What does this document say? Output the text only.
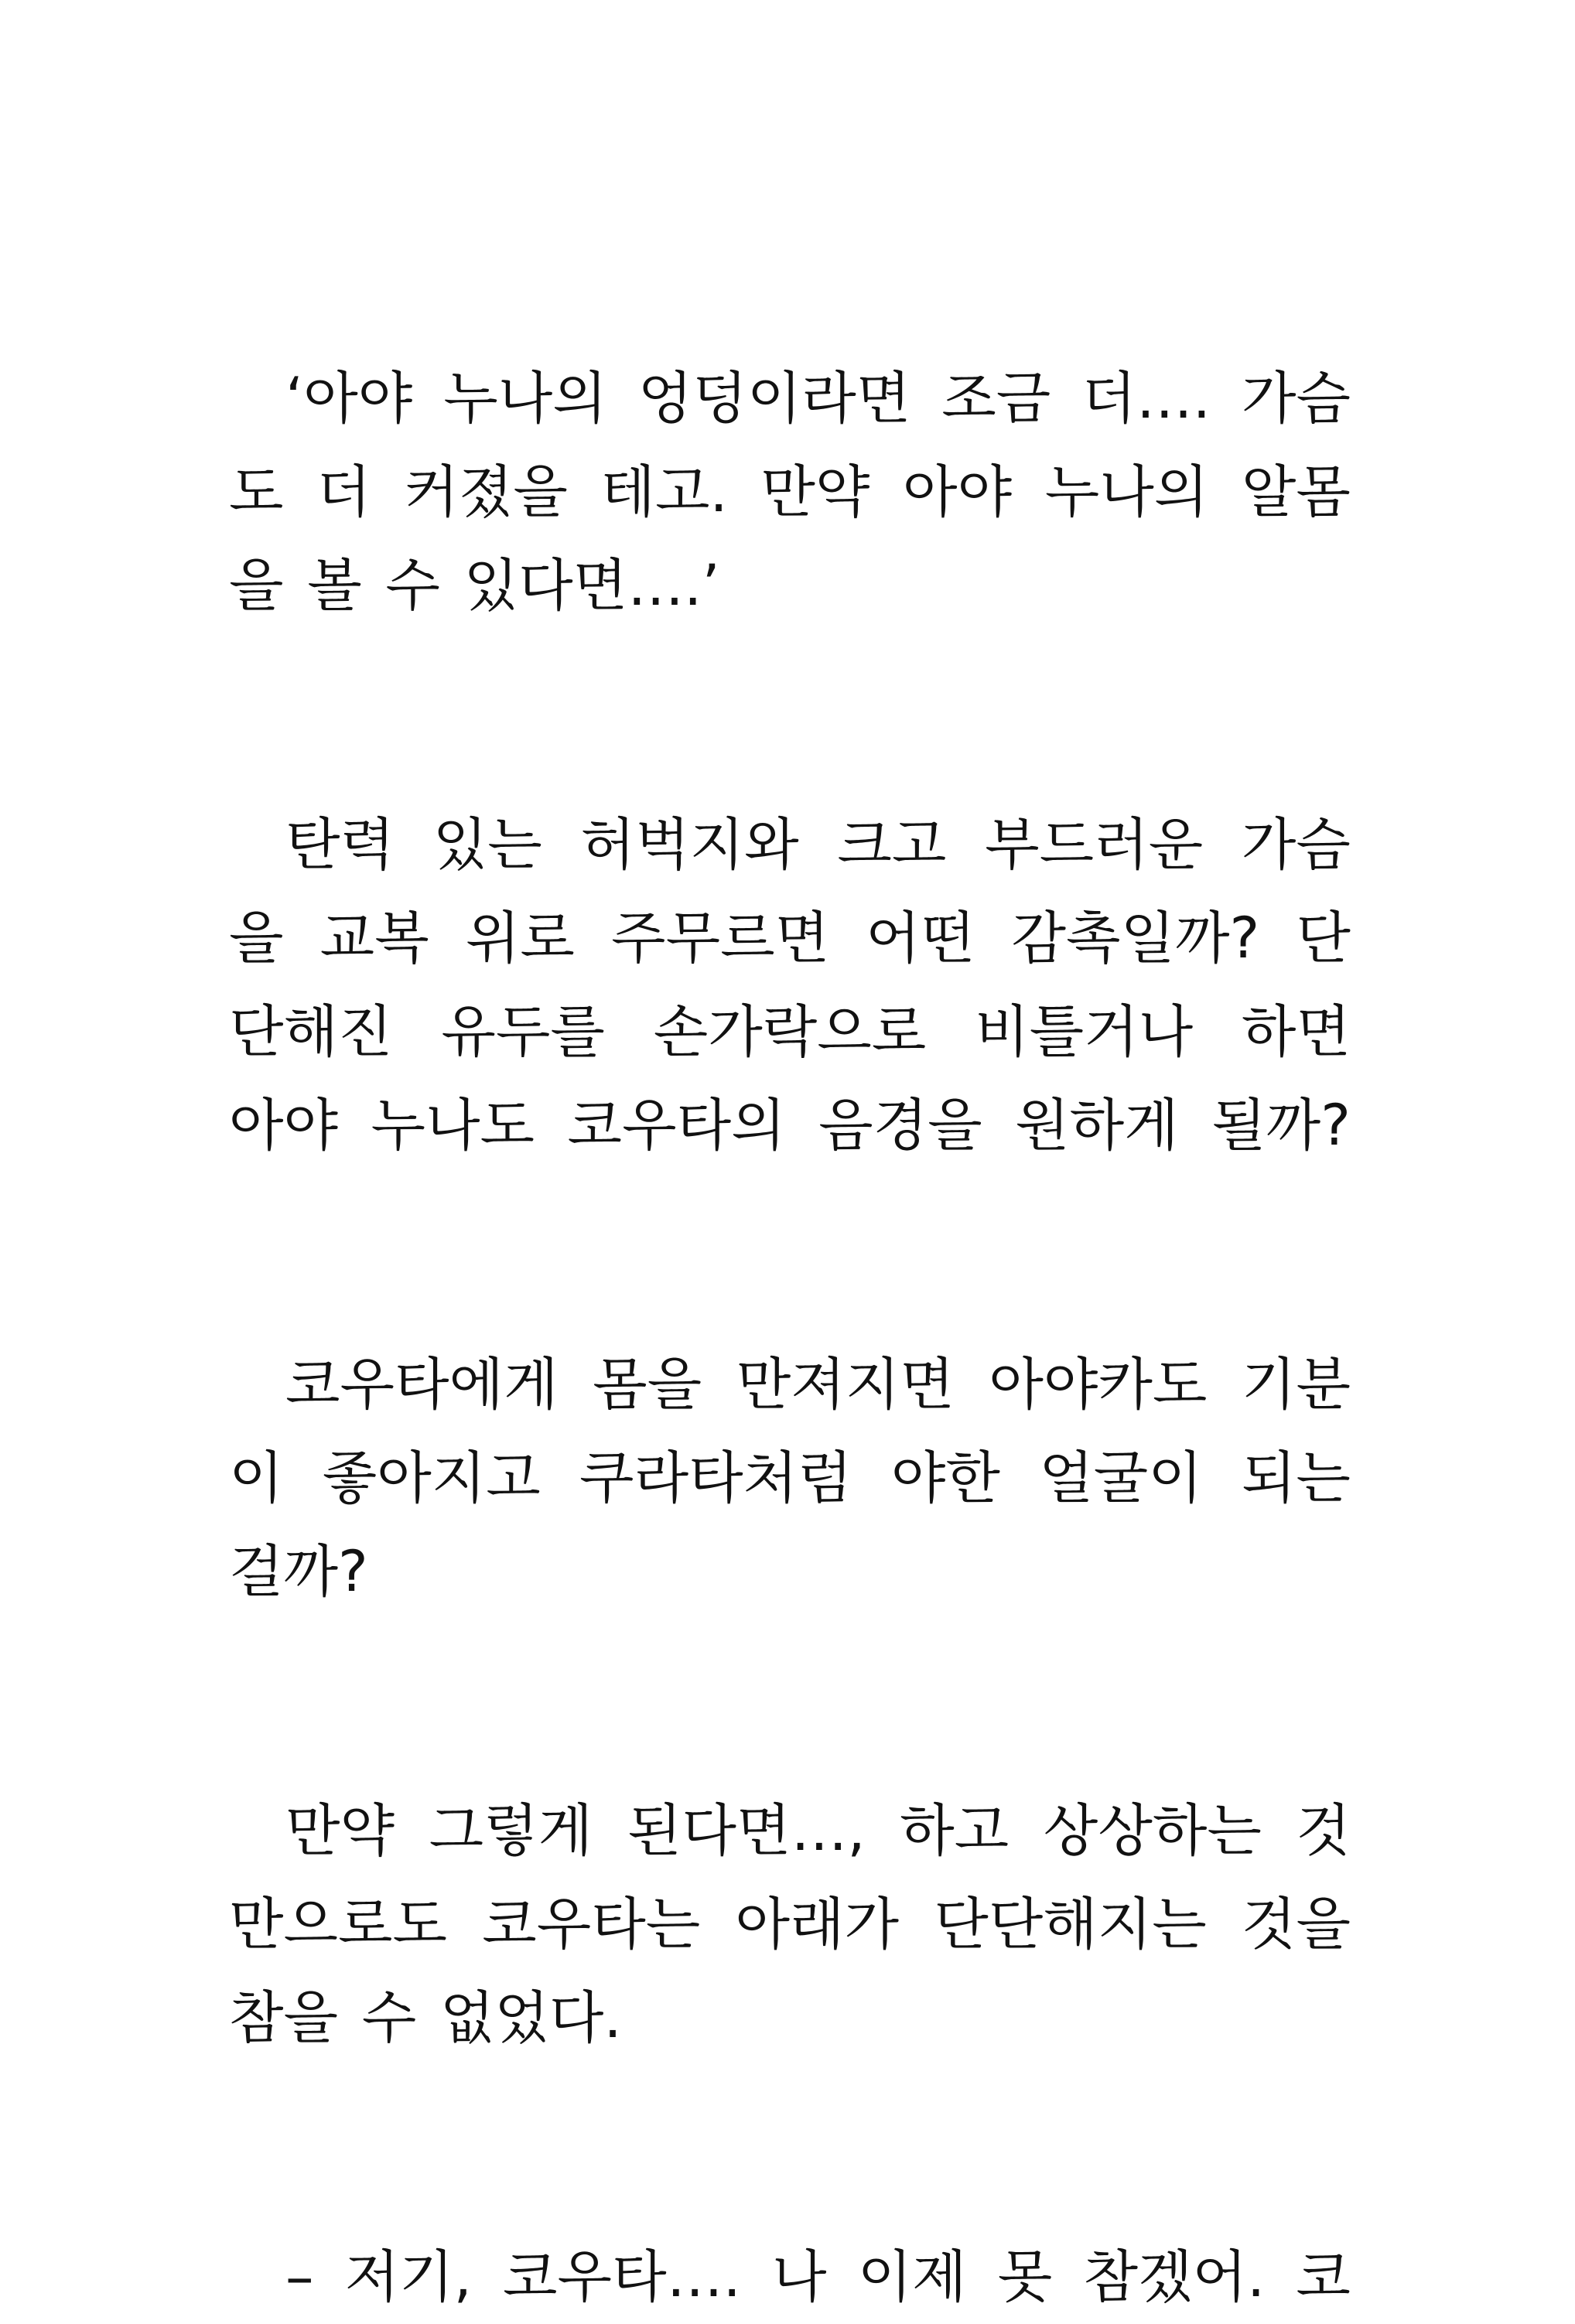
‘아야 누나의 엉덩이라면 조금 더…. 가슴
도 더 커졌을 테고. 만약 아야 누나의 알몸
을 볼 수 있다면….’
탄력 있는 허벅지와 크고 부드러운 가슴
을 교복 위로 주무르면 어떤 감촉일까? 단
단해진 유두를 손가락으로 비틀거나 하면
아야 누나도 코우타의 음경을 원하게 될까?
코우타에게 몸을 만져지면 아야카도 기분
이 좋아지고 쿠라타처럼 야한 얼굴이 되는
걸까?
만약 그렇게 된다면…, 하고 상상하는 것
만으로도 코우타는 아래가 단단해지는 것을
참을 수 없었다.
– 저기, 코우타…. 나 이제 못 참겠어. 코
